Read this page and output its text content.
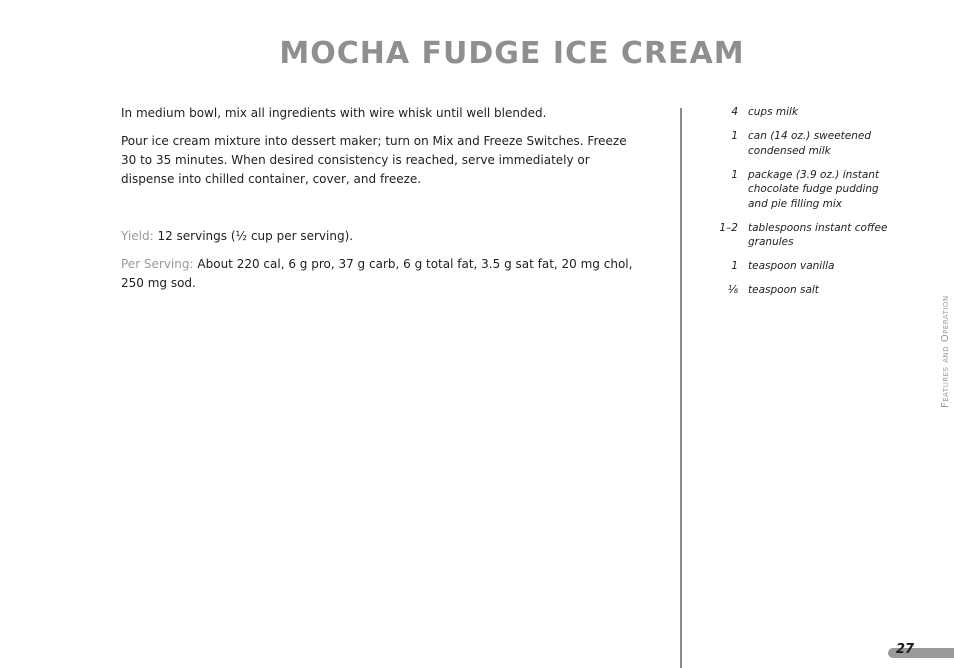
MOCHA FUDGE ICE CREAM

In medium bowl, mix all ingredients with wire whisk until well blended.

Pour ice cream mixture into dessert maker; turn on Mix and Freeze Switches. Freeze 30 to 35 minutes. When desired consistency is reached, serve immediately or dispense into chilled container, cover, and freeze.

Yield: 12 servings (½ cup per serving).

Per Serving: About 220 cal, 6 g pro, 37 g carb, 6 g total fat, 3.5 g sat fat, 20 mg chol, 250 mg sod.

4 cups milk
1 can (14 oz.) sweetened condensed milk
1 package (3.9 oz.) instant chocolate fudge pudding and pie filling mix
1–2 tablespoons instant coffee granules
1 teaspoon vanilla
⅛ teaspoon salt
Features and Operation
27
